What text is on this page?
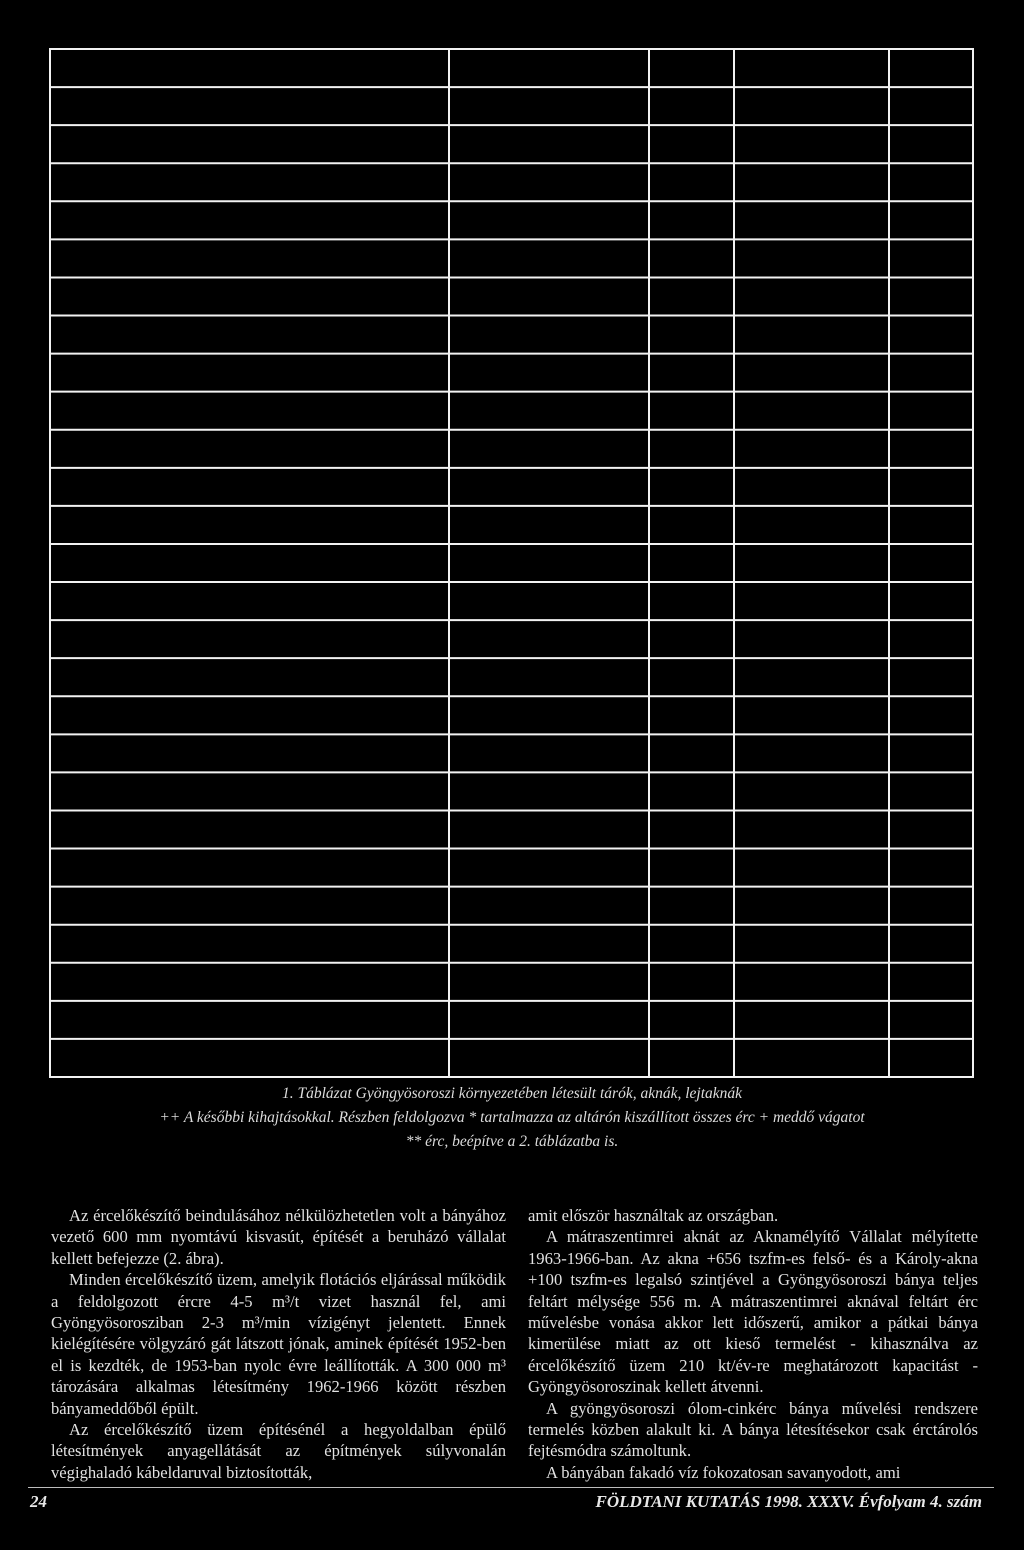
1. Táblázat Gyöngyösoroszi környezetében létesült tárók, aknák, lejtaknák
++ A későbbi kihajtásokkal. Részben feldolgozva * tartalmazza az altárón kiszállított összes érc + meddő vágatot
** érc, beépítve a 2. táblázatba is.

Az ércelőkészítő beindulásához nélkülözhetetlen volt a bányához vezető 600 mm nyomtávú kisvasút, építését a beruházó vállalat kellett befejezze (2. ábra).

Minden ércelőkészítő üzem, amelyik flotációs eljárással működik a feldolgozott ércre 4-5 m³/t vizet használ fel, ami Gyöngyösorosziban 2-3 m³/min vízigényt jelentett. Ennek kielégítésére völgyzáró gát látszott jónak, aminek építését 1952-ben el is kezdték, de 1953-ban nyolc évre leállították. A 300 000 m³ tározására alkalmas létesítmény 1962-1966 között részben bányameddőből épült.

Az ércelőkészítő üzem építésénél a hegyoldalban épülő létesítmények anyagellátását az építmények súlyvonalán végighaladó kábeldaruval biztosították,

amit először használtak az országban.

A mátraszentimrei aknát az Aknamélyítő Vállalat mélyítette 1963-1966-ban. Az akna +656 tszfm-es felső- és a Károly-akna +100 tszfm-es legalsó szintjével a Gyöngyösoroszi bánya teljes feltárt mélysége 556 m. A mátraszentimrei aknával feltárt érc művelésbe vonása akkor lett időszerű, amikor a pátkai bánya kimerülése miatt az ott kieső termelést - kihasználva az ércelőkészítő üzem 210 kt/év-re meghatározott kapacitást - Gyöngyösoroszinak kellett átvenni.

A gyöngyösoroszi ólom-cinkérc bánya művelési rendszere termelés közben alakult ki. A bánya létesítésekor csak érctárolós fejtésmódra számoltunk.

A bányában fakadó víz fokozatosan savanyodott, ami

24	FÖLDTANI KUTATÁS 1998. XXXV. Évfolyam 4. szám
